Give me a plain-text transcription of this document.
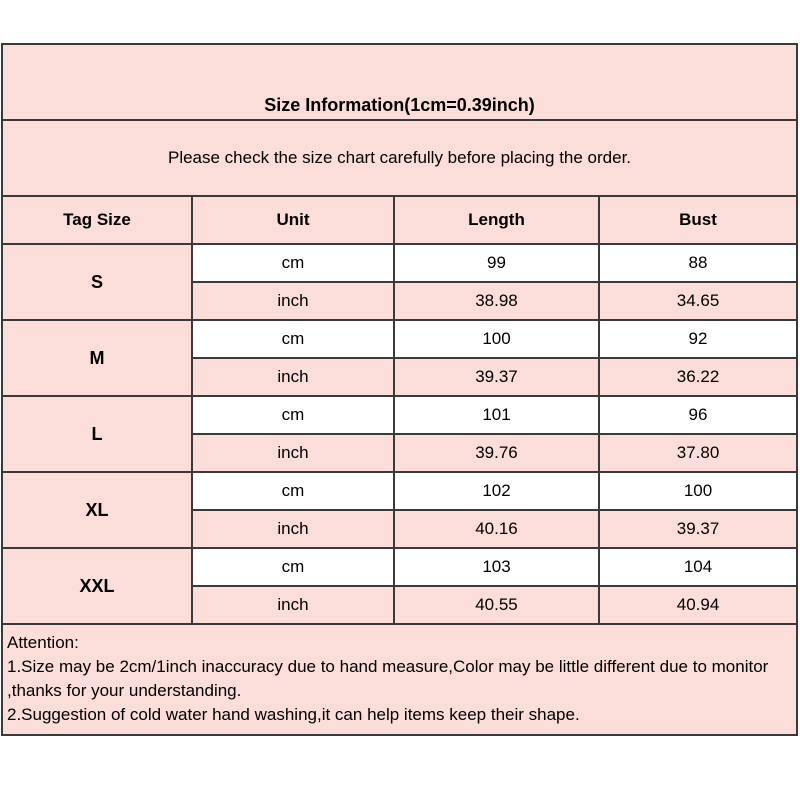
Size Information(1cm=0.39inch)			
Please check the size chart carefully before placing the order.			
Tag Size	Unit	Length	Bust
S	cm	99	88
	inch	38.98	34.65
M	cm	100	92
	inch	39.37	36.22
L	cm	101	96
	inch	39.76	37.80
XL	cm	102	100
	inch	40.16	39.37
XXL	cm	103	104
	inch	40.55	40.94

Attention:
1.Size may be 2cm/1inch inaccuracy due to hand measure,Color may be little different due to monitor
,thanks for your understanding.
2.Suggestion of cold water hand washing,it can help items keep their shape.			
